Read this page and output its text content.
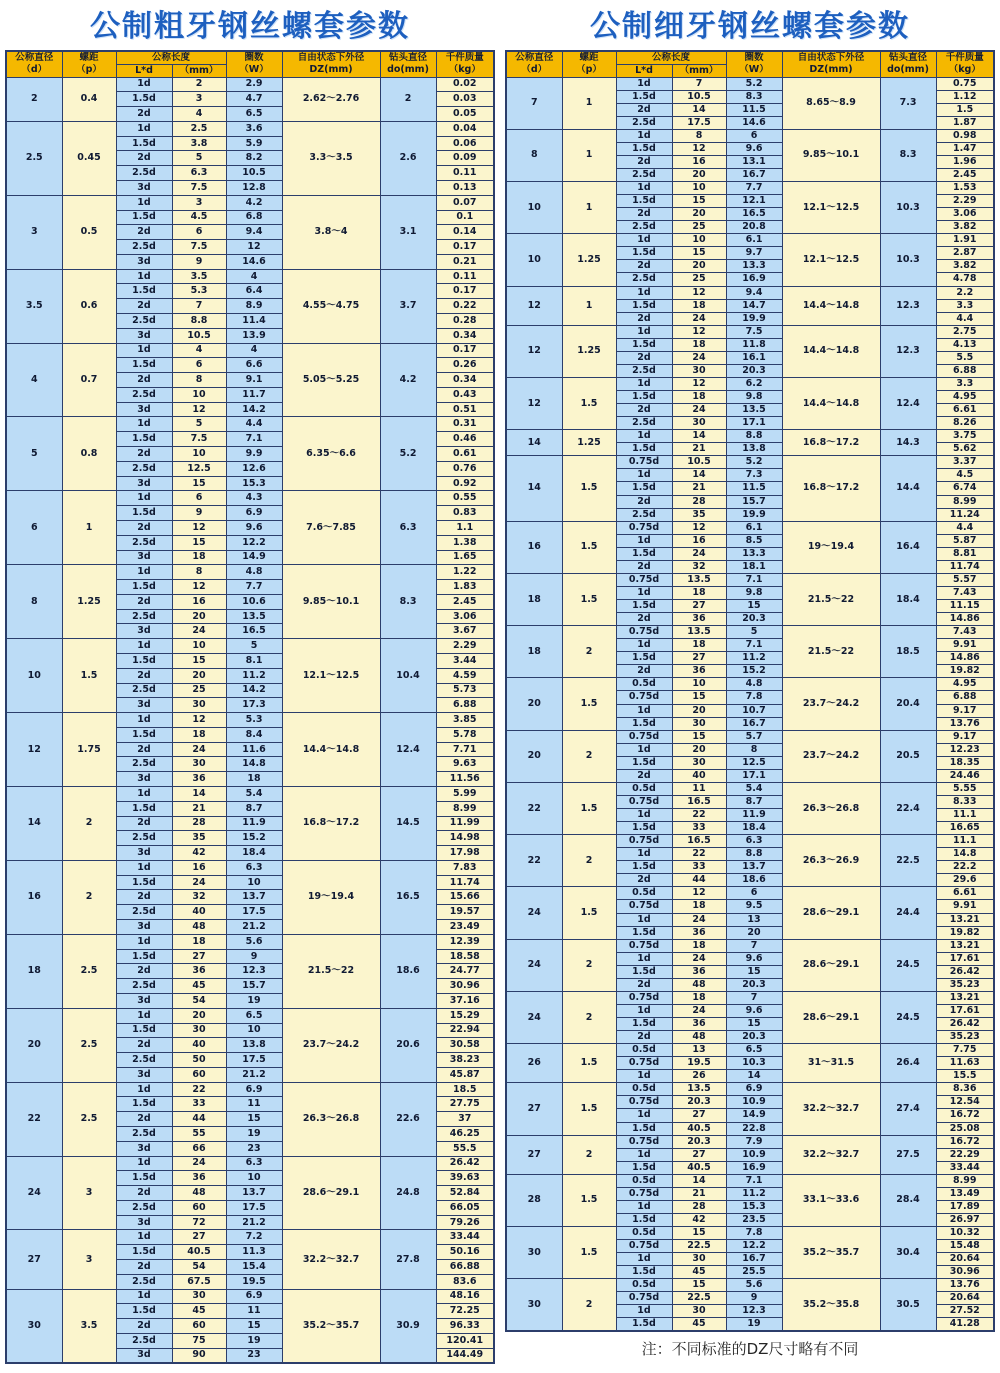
公制粗牙钢丝螺套参数
公称直径	螺距	公称长度		圈数	自由状态下外径	钻头直径	千件质量
（d）	（p）	L*d	（mm）	（W）	DZ(mm)	do(mm)	（kg）
2	0.4	1d	2	2.9	2.62～2.76	2	0.02
		1.5d	3	4.7			0.03
		2d	4	6.5			0.05
2.5	0.45	1d	2.5	3.6	3.3～3.5	2.6	0.04
		1.5d	3.8	5.9			0.06
		2d	5	8.2			0.09
		2.5d	6.3	10.5			0.11
		3d	7.5	12.8			0.13
3	0.5	1d	3	4.2	3.8～4	3.1	0.07
		1.5d	4.5	6.8			0.1
		2d	6	9.4			0.14
		2.5d	7.5	12			0.17
		3d	9	14.6			0.21
3.5	0.6	1d	3.5	4	4.55～4.75	3.7	0.11
		1.5d	5.3	6.4			0.17
		2d	7	8.9			0.22
		2.5d	8.8	11.4			0.28
		3d	10.5	13.9			0.34
4	0.7	1d	4	4	5.05～5.25	4.2	0.17
		1.5d	6	6.6			0.26
		2d	8	9.1			0.34
		2.5d	10	11.7			0.43
		3d	12	14.2			0.51
5	0.8	1d	5	4.4	6.35～6.6	5.2	0.31
		1.5d	7.5	7.1			0.46
		2d	10	9.9			0.61
		2.5d	12.5	12.6			0.76
		3d	15	15.3			0.92
6	1	1d	6	4.3	7.6～7.85	6.3	0.55
		1.5d	9	6.9			0.83
		2d	12	9.6			1.1
		2.5d	15	12.2			1.38
		3d	18	14.9			1.65
8	1.25	1d	8	4.8	9.85～10.1	8.3	1.22
		1.5d	12	7.7			1.83
		2d	16	10.6			2.45
		2.5d	20	13.5			3.06
		3d	24	16.5			3.67
10	1.5	1d	10	5	12.1～12.5	10.4	2.29
		1.5d	15	8.1			3.44
		2d	20	11.2			4.59
		2.5d	25	14.2			5.73
		3d	30	17.3			6.88
12	1.75	1d	12	5.3	14.4～14.8	12.4	3.85
		1.5d	18	8.4			5.78
		2d	24	11.6			7.71
		2.5d	30	14.8			9.63
		3d	36	18			11.56
14	2	1d	14	5.4	16.8～17.2	14.5	5.99
		1.5d	21	8.7			8.99
		2d	28	11.9			11.99
		2.5d	35	15.2			14.98
		3d	42	18.4			17.98
16	2	1d	16	6.3	19～19.4	16.5	7.83
		1.5d	24	10			11.74
		2d	32	13.7			15.66
		2.5d	40	17.5			19.57
		3d	48	21.2			23.49
18	2.5	1d	18	5.6	21.5～22	18.6	12.39
		1.5d	27	9			18.58
		2d	36	12.3			24.77
		2.5d	45	15.7			30.96
		3d	54	19			37.16
20	2.5	1d	20	6.5	23.7～24.2	20.6	15.29
		1.5d	30	10			22.94
		2d	40	13.8			30.58
		2.5d	50	17.5			38.23
		3d	60	21.2			45.87
22	2.5	1d	22	6.9	26.3～26.8	22.6	18.5
		1.5d	33	11			27.75
		2d	44	15			37
		2.5d	55	19			46.25
		3d	66	23			55.5
24	3	1d	24	6.3	28.6～29.1	24.8	26.42
		1.5d	36	10			39.63
		2d	48	13.7			52.84
		2.5d	60	17.5			66.05
		3d	72	21.2			79.26
27	3	1d	27	7.2	32.2～32.7	27.8	33.44
		1.5d	40.5	11.3			50.16
		2d	54	15.4			66.88
		2.5d	67.5	19.5			83.6
30	3.5	1d	30	6.9	35.2～35.7	30.9	48.16
		1.5d	45	11			72.25
		2d	60	15			96.33
		2.5d	75	19			120.41
		3d	90	23			144.49
公制细牙钢丝螺套参数
公称直径	螺距	公称长度		圈数	自由状态下外径	钻头直径	千件质量
（d）	（p）	L*d	（mm）	（W）	DZ(mm)	do(mm)	（kg）
7	1	1d	7	5.2	8.65～8.9	7.3	0.75
		1.5d	10.5	8.3			1.12
		2d	14	11.5			1.5
		2.5d	17.5	14.6			1.87
8	1	1d	8	6	9.85～10.1	8.3	0.98
		1.5d	12	9.6			1.47
		2d	16	13.1			1.96
		2.5d	20	16.7			2.45
10	1	1d	10	7.7	12.1～12.5	10.3	1.53
		1.5d	15	12.1			2.29
		2d	20	16.5			3.06
		2.5d	25	20.8			3.82
10	1.25	1d	10	6.1	12.1～12.5	10.3	1.91
		1.5d	15	9.7			2.87
		2d	20	13.3			3.82
		2.5d	25	16.9			4.78
12	1	1d	12	9.4	14.4～14.8	12.3	2.2
		1.5d	18	14.7			3.3
		2d	24	19.9			4.4
12	1.25	1d	12	7.5	14.4～14.8	12.3	2.75
		1.5d	18	11.8			4.13
		2d	24	16.1			5.5
		2.5d	30	20.3			6.88
12	1.5	1d	12	6.2	14.4～14.8	12.4	3.3
		1.5d	18	9.8			4.95
		2d	24	13.5			6.61
		2.5d	30	17.1			8.26
14	1.25	1d	14	8.8	16.8～17.2	14.3	3.75
		1.5d	21	13.8			5.62
14	1.5	0.75d	10.5	5.2	16.8～17.2	14.4	3.37
		1d	14	7.3			4.5
		1.5d	21	11.5			6.74
		2d	28	15.7			8.99
		2.5d	35	19.9			11.24
16	1.5	0.75d	12	6.1	19～19.4	16.4	4.4
		1d	16	8.5			5.87
		1.5d	24	13.3			8.81
		2d	32	18.1			11.74
18	1.5	0.75d	13.5	7.1	21.5～22	18.4	5.57
		1d	18	9.8			7.43
		1.5d	27	15			11.15
		2d	36	20.3			14.86
18	2	0.75d	13.5	5	21.5～22	18.5	7.43
		1d	18	7.1			9.91
		1.5d	27	11.2			14.86
		2d	36	15.2			19.82
20	1.5	0.5d	10	4.8	23.7～24.2	20.4	4.95
		0.75d	15	7.8			6.88
		1d	20	10.7			9.17
		1.5d	30	16.7			13.76
20	2	0.75d	15	5.7	23.7～24.2	20.5	9.17
		1d	20	8			12.23
		1.5d	30	12.5			18.35
		2d	40	17.1			24.46
22	1.5	0.5d	11	5.4	26.3～26.8	22.4	5.55
		0.75d	16.5	8.7			8.33
		1d	22	11.9			11.1
		1.5d	33	18.4			16.65
22	2	0.75d	16.5	6.3	26.3～26.9	22.5	11.1
		1d	22	8.8			14.8
		1.5d	33	13.7			22.2
		2d	44	18.6			29.6
24	1.5	0.5d	12	6	28.6～29.1	24.4	6.61
		0.75d	18	9.5			9.91
		1d	24	13			13.21
		1.5d	36	20			19.82
24	2	0.75d	18	7	28.6～29.1	24.5	13.21
		1d	24	9.6			17.61
		1.5d	36	15			26.42
		2d	48	20.3			35.23
24	2	0.75d	18	7	28.6～29.1	24.5	13.21
		1d	24	9.6			17.61
		1.5d	36	15			26.42
		2d	48	20.3			35.23
26	1.5	0.5d	13	6.5	31～31.5	26.4	7.75
		0.75d	19.5	10.3			11.63
		1d	26	14			15.5
27	1.5	0.5d	13.5	6.9	32.2～32.7	27.4	8.36
		0.75d	20.3	10.9			12.54
		1d	27	14.9			16.72
		1.5d	40.5	22.8			25.08
27	2	0.75d	20.3	7.9	32.2～32.7	27.5	16.72
		1d	27	10.9			22.29
		1.5d	40.5	16.9			33.44
28	1.5	0.5d	14	7.1	33.1～33.6	28.4	8.99
		0.75d	21	11.2			13.49
		1d	28	15.3			17.89
		1.5d	42	23.5			26.97
30	1.5	0.5d	15	7.8	35.2～35.7	30.4	10.32
		0.75d	22.5	12.2			15.48
		1d	30	16.7			20.64
		1.5d	45	25.5			30.96
30	2	0.5d	15	5.6	35.2～35.8	30.5	13.76
		0.75d	22.5	9			20.64
		1d	30	12.3			27.52
		1.5d	45	19			41.28
注：不同标准的DZ尺寸略有不同
